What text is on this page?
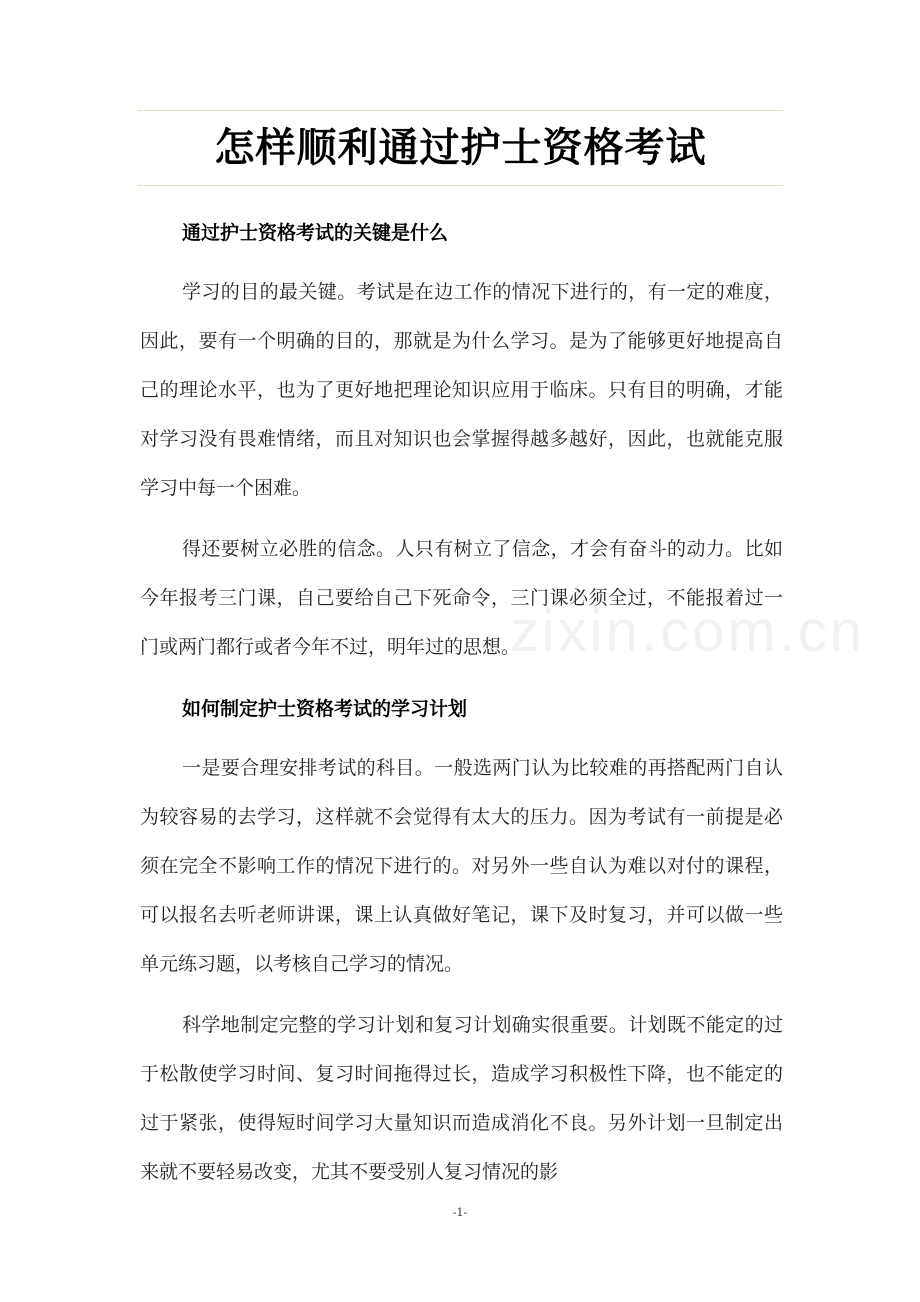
怎样顺利通过护士资格考试
通过护士资格考试的关键是什么

学习的目的最关键。考试是在边工作的情况下进行的，有一定的难度，因此，要有一个明确的目的，那就是为什么学习。是为了能够更好地提高自己的理论水平，也为了更好地把理论知识应用于临床。只有目的明确，才能对学习没有畏难情绪，而且对知识也会掌握得越多越好，因此，也就能克服学习中每一个困难。

得还要树立必胜的信念。人只有树立了信念，才会有奋斗的动力。比如今年报考三门课，自己要给自己下死命令，三门课必须全过，不能报着过一门或两门都行或者今年不过，明年过的思想。

如何制定护士资格考试的学习计划

一是要合理安排考试的科目。一般选两门认为比较难的再搭配两门自认为较容易的去学习，这样就不会觉得有太大的压力。因为考试有一前提是必须在完全不影响工作的情况下进行的。对另外一些自认为难以对付的课程，可以报名去听老师讲课，课上认真做好笔记，课下及时复习，并可以做一些单元练习题，以考核自己学习的情况。

科学地制定完整的学习计划和复习计划确实很重要。计划既不能定的过于松散使学习时间、复习时间拖得过长，造成学习积极性下降，也不能定的过于紧张，使得短时间学习大量知识而造成消化不良。另外计划一旦制定出来就不要轻易改变，尤其不要受别人复习情况的影

zixin.com.cn
-1-
